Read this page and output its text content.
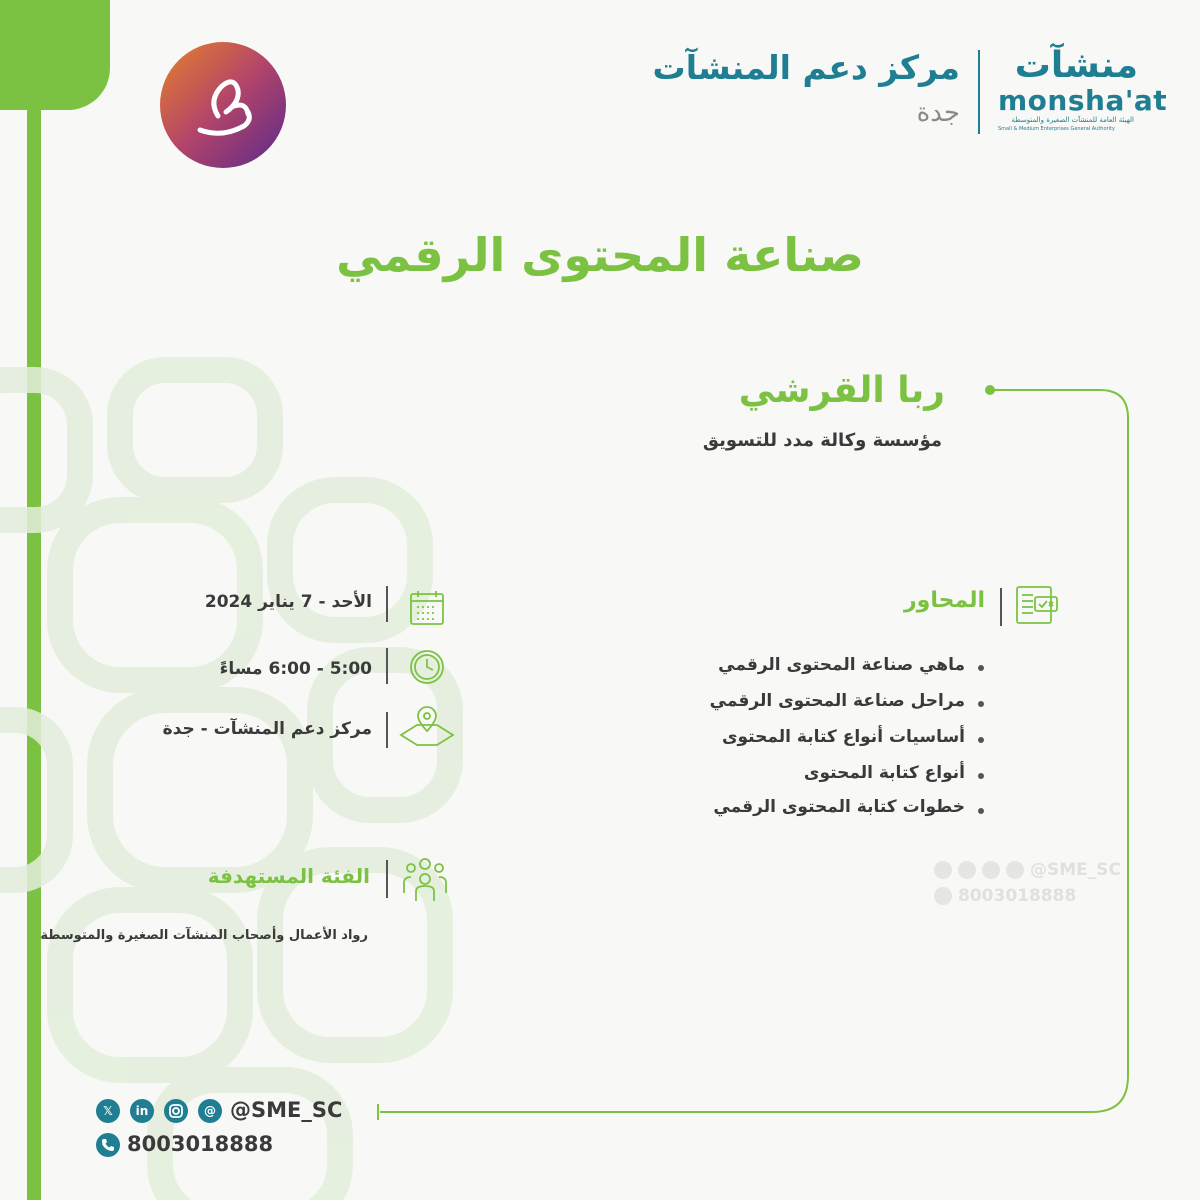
مركز دعم المنشآت
جدة
منشآت
monsha'at
الهيئة العامة للمنشآت الصغيرة والمتوسطة
Small & Medium Enterprises General Authority
صناعة المحتوى الرقمي
ربا القرشي
مؤسسة وكالة مدد للتسويق
المحاور
ماهي صناعة المحتوى الرقمي
مراحل صناعة المحتوى الرقمي
أساسيات أنواع كتابة المحتوى
أنواع كتابة المحتوى
خطوات كتابة المحتوى الرقمي
الأحد - 7 يناير 2024
5:00 - 6:00 مساءً
مركز دعم المنشآت - جدة
الفئة المستهدفة
رواد الأعمال وأصحاب المنشآت الصغيرة والمتوسطة
@SME_SC
8003018888
𝕏	in	@ @SME_SC
8003018888
